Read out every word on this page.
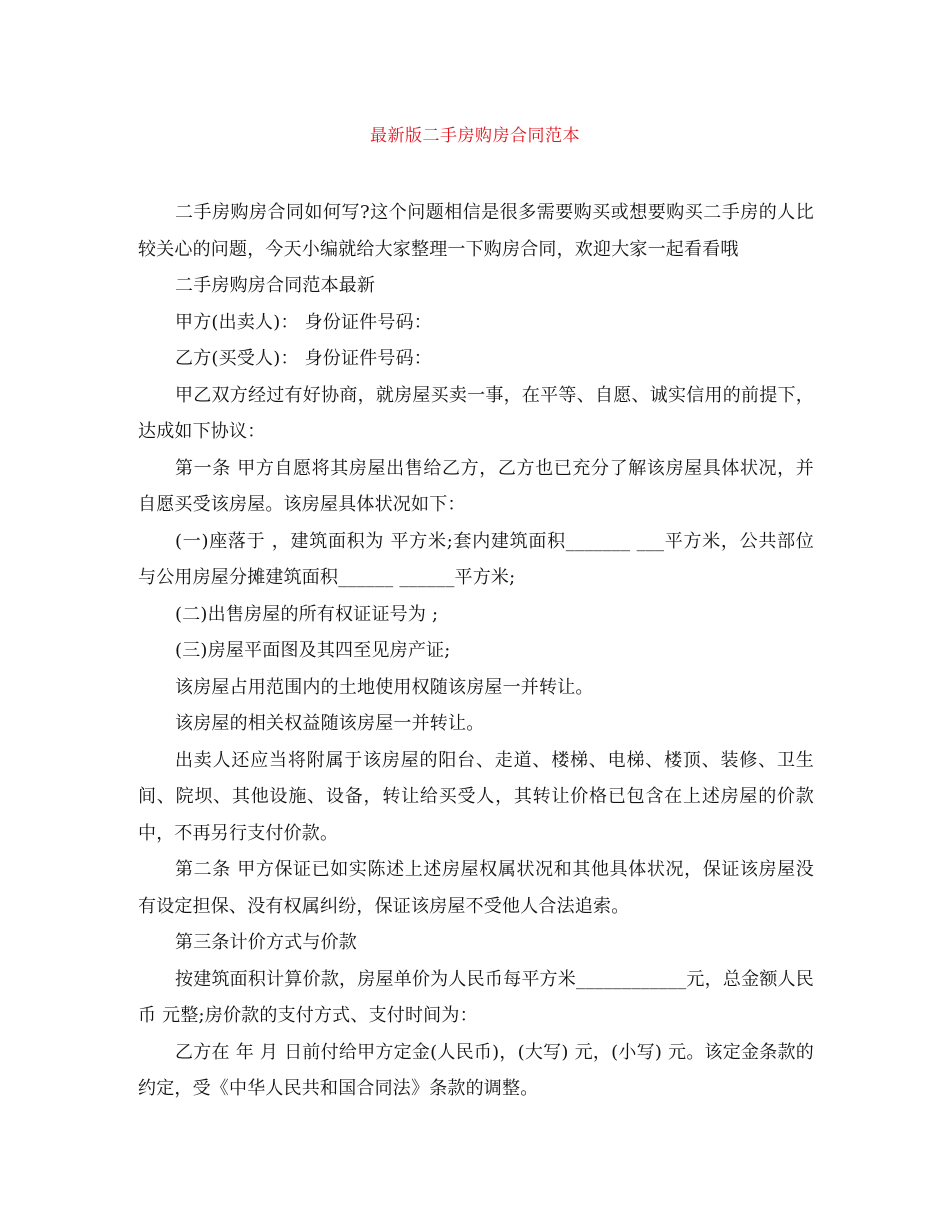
最新版二手房购房合同范本

二手房购房合同如何写?这个问题相信是很多需要购买或想要购买二手房的人比较关心的问题，今天小编就给大家整理一下购房合同，欢迎大家一起看看哦

二手房购房合同范本最新

甲方(出卖人)： 身份证件号码：

乙方(买受人)： 身份证件号码：

甲乙双方经过有好协商，就房屋买卖一事，在平等、自愿、诚实信用的前提下，达成如下协议：

第一条 甲方自愿将其房屋出售给乙方，乙方也已充分了解该房屋具体状况，并自愿买受该房屋。该房屋具体状况如下：

(一)座落于 ，建筑面积为 平方米;套内建筑面积_______ ___平方米，公共部位与公用房屋分摊建筑面积______ ______平方米;

(二)出售房屋的所有权证证号为 ;

(三)房屋平面图及其四至见房产证;

该房屋占用范围内的土地使用权随该房屋一并转让。

该房屋的相关权益随该房屋一并转让。

出卖人还应当将附属于该房屋的阳台、走道、楼梯、电梯、楼顶、装修、卫生间、院坝、其他设施、设备，转让给买受人，其转让价格已包含在上述房屋的价款中，不再另行支付价款。

第二条 甲方保证已如实陈述上述房屋权属状况和其他具体状况，保证该房屋没有设定担保、没有权属纠纷，保证该房屋不受他人合法追索。

第三条计价方式与价款

按建筑面积计算价款，房屋单价为人民币每平方米____________元，总金额人民币 元整;房价款的支付方式、支付时间为：

乙方在 年 月 日前付给甲方定金(人民币)，(大写) 元，(小写) 元。该定金条款的约定，受《中华人民共和国合同法》条款的调整。
